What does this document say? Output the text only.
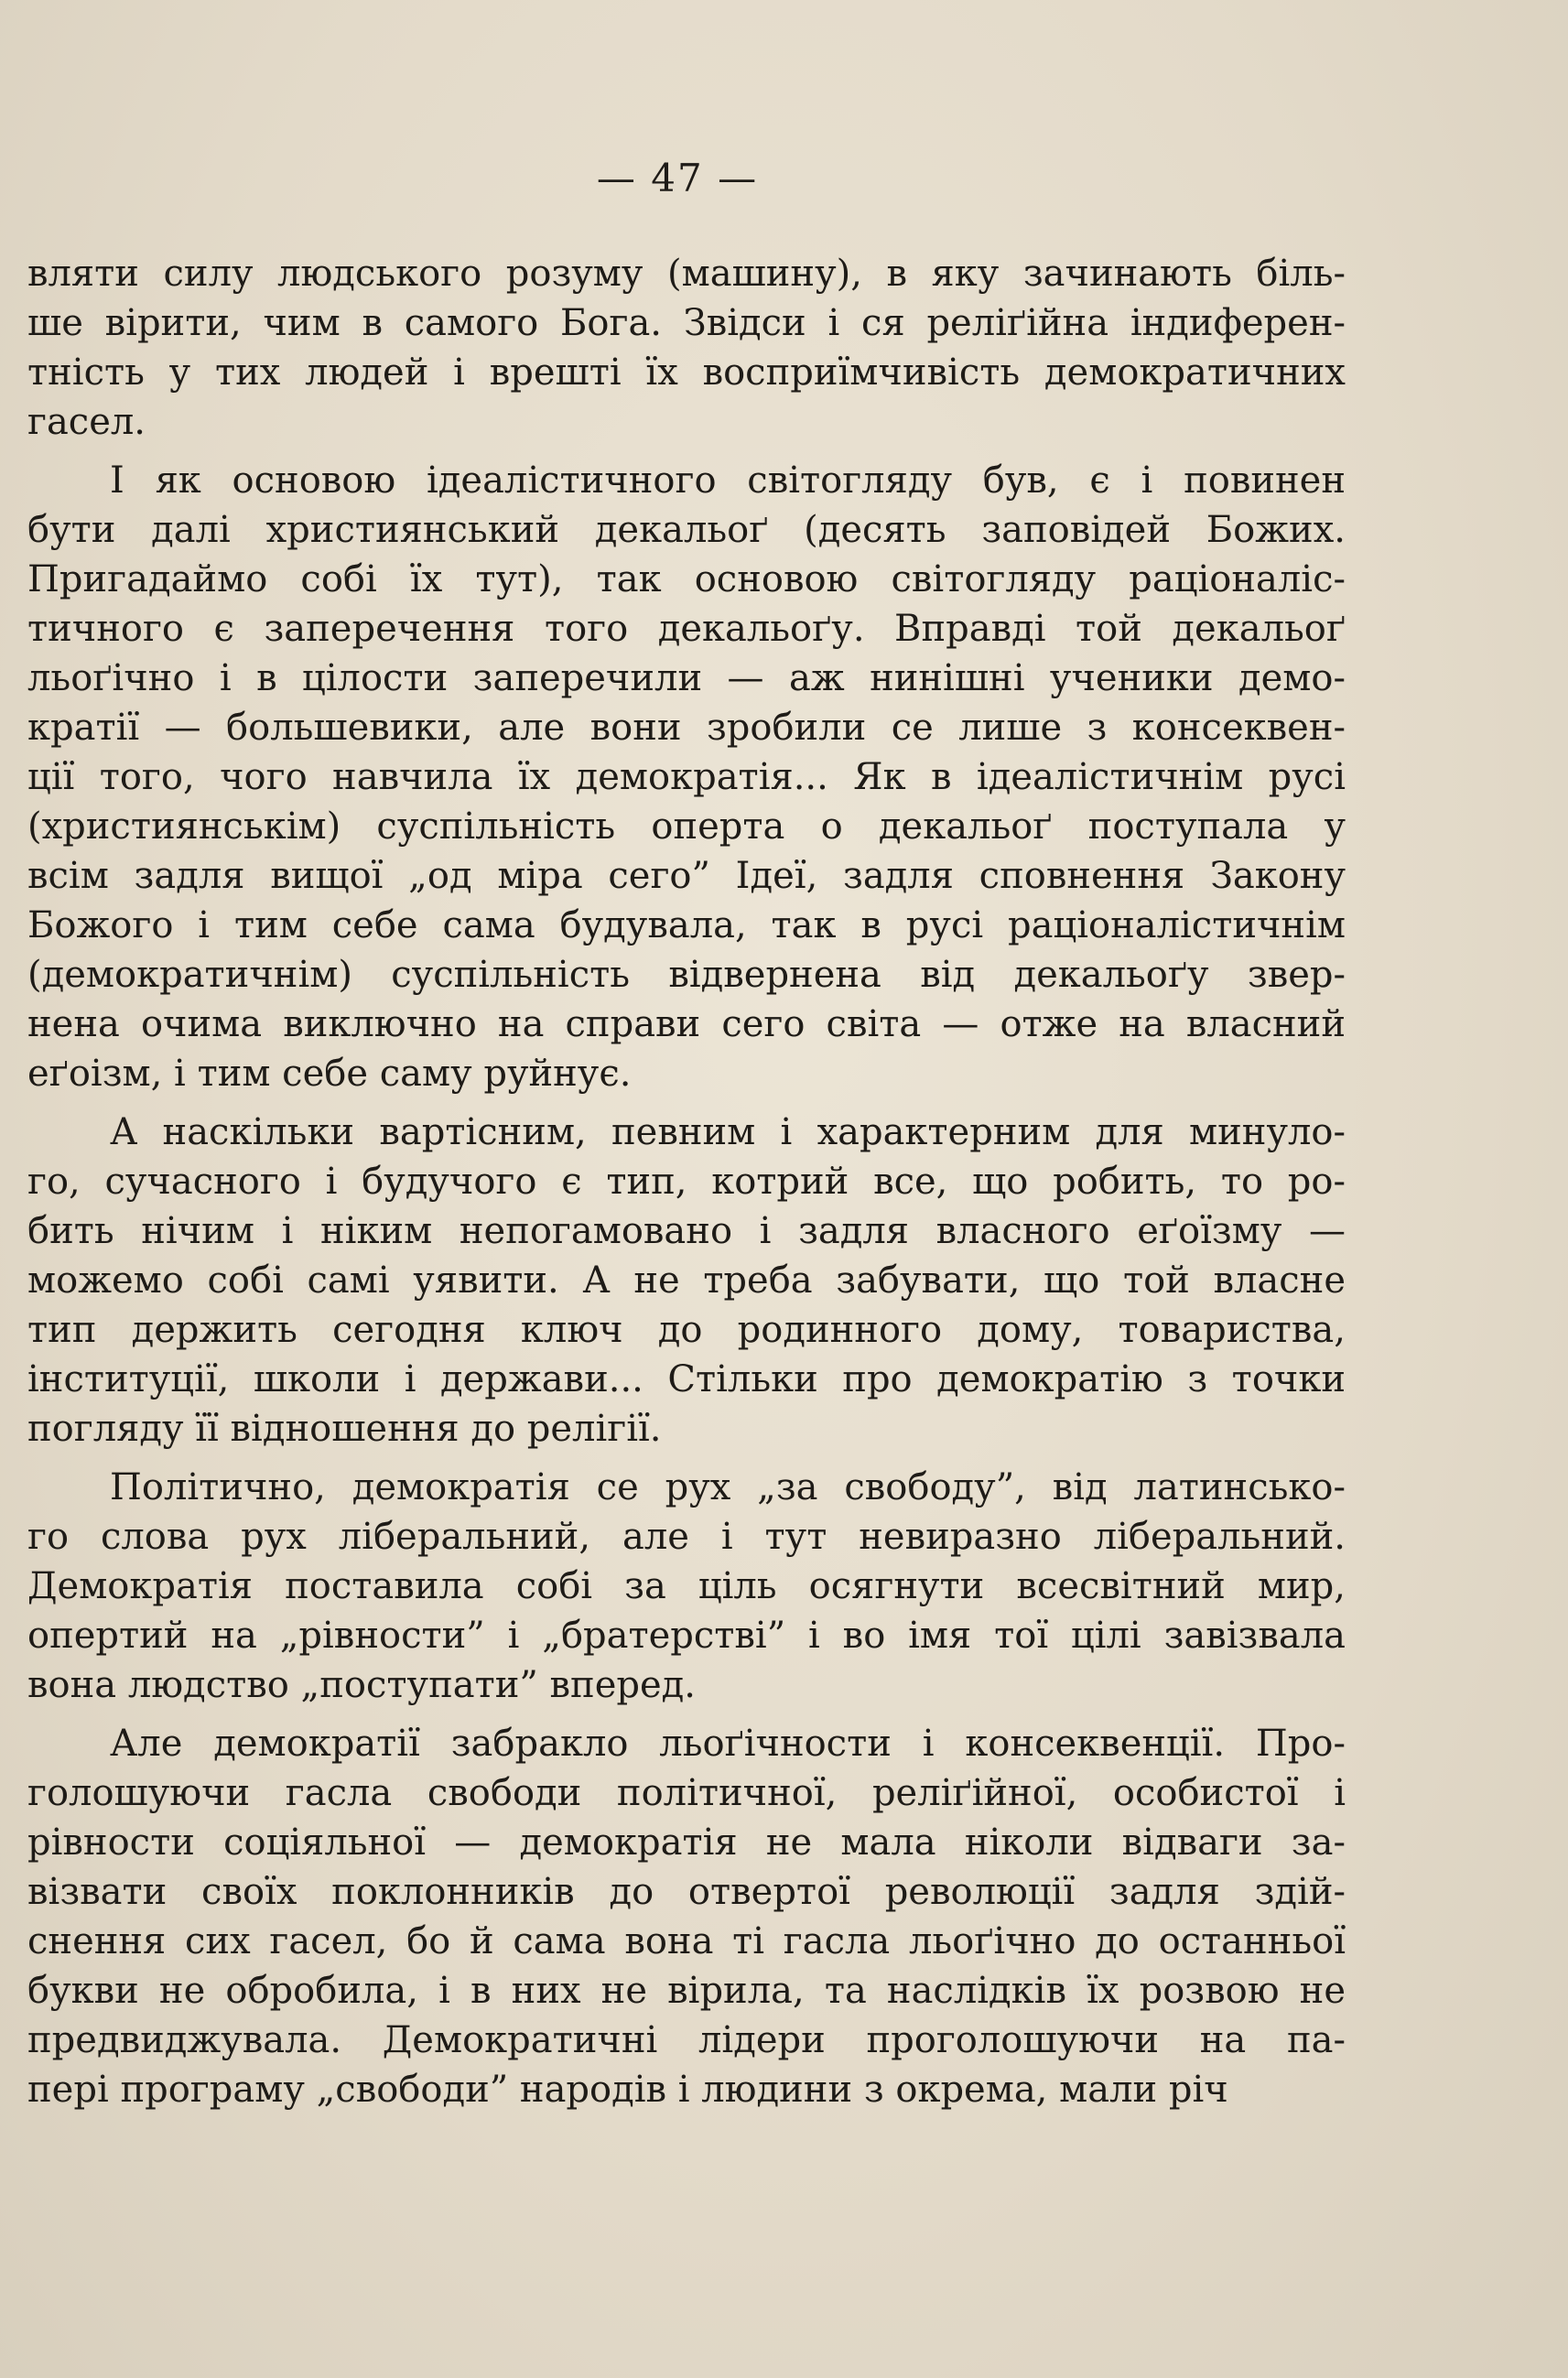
— 47 —
вляти силу людського розуму (машину), в яку зачинають біль-
ше вірити, чим в самого Бога. Звідси і ся реліґійна індиферен-
тність у тих людей і врешті їх восприїмчивість демократичних
гасел.
І як основою ідеалістичного світогляду був, є і повинен
бути далі християнський декальоґ (десять заповідей Божих.
Пригадаймо собі їх тут), так основою світогляду раціоналіс-
тичного є заперечення того декальоґу. Вправді той декальоґ
льоґічно і в цілости заперечили — аж нинішні ученики демо-
кратії — большевики, але вони зробили се лише з консеквен-
ції того, чого навчила їх демократія... Як в ідеалістичнім русі
(християнськім) суспільність оперта о декальоґ поступала у
всім задля вищої „од міра сего” Ідеї, задля сповнення Закону
Божого і тим себе сама будувала, так в русі раціоналістичнім
(демократичнім) суспільність відвернена від декальоґу звер-
нена очима виключно на справи сего світа — отже на власний
еґоізм, і тим себе саму руйнує.
А наскільки вартісним, певним і характерним для минуло-
го, сучасного і будучого є тип, котрий все, що робить, то ро-
бить нічим і ніким непогамовано і задля власного еґоїзму —
можемо собі самі уявити. А не треба забувати, що той власне
тип держить сегодня ключ до родинного дому, товариства,
інституції, школи і держави... Стільки про демократію з точки
погляду її відношення до релігії.
Політично, демократія се рух „за свободу”, від латинсько-
го слова рух ліберальний, але і тут невиразно ліберальний.
Демократія поставила собі за ціль осягнути всесвітний мир,
опертий на „рівности” і „братерстві” і во імя тої цілі завізвала
вона людство „поступати” вперед.
Але демократії забракло льоґічности і консеквенції. Про-
голошуючи гасла свободи політичної, реліґійної, особистої і
рівности соціяльної — демократія не мала ніколи відваги за-
візвати своїх поклонників до отвертої революції задля здій-
снення сих гасел, бо й сама вона ті гасла льоґічно до останньої
букви не обробила, і в них не вірила, та наслідків їх розвою не
предвиджувала. Демократичні лідери проголошуючи на па-
пері програму „свободи” народів і людини з окрема, мали річ
